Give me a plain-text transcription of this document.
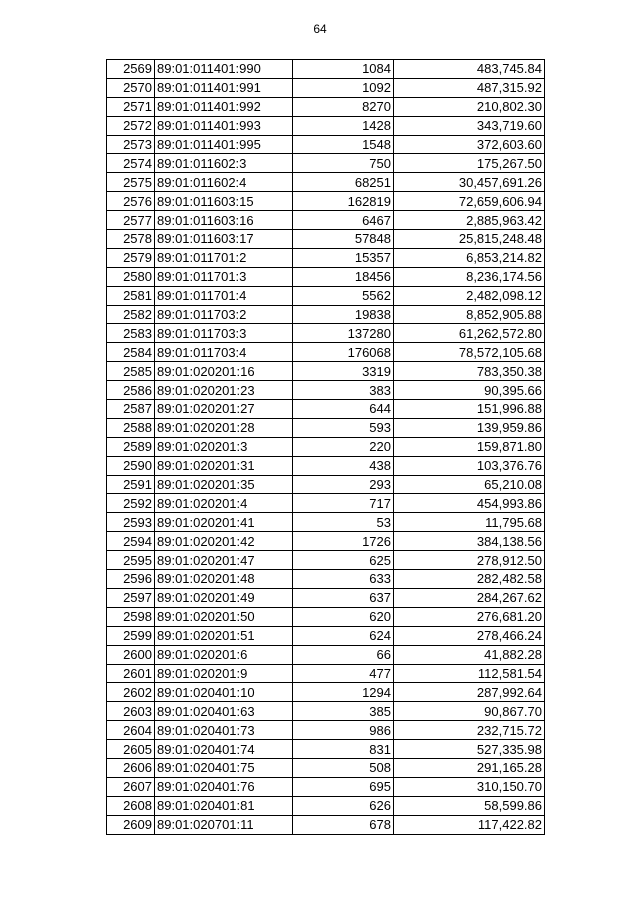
64
2569	89:01:011401:990	1084	483,745.84
2570	89:01:011401:991	1092	487,315.92
2571	89:01:011401:992	8270	210,802.30
2572	89:01:011401:993	1428	343,719.60
2573	89:01:011401:995	1548	372,603.60
2574	89:01:011602:3	750	175,267.50
2575	89:01:011602:4	68251	30,457,691.26
2576	89:01:011603:15	162819	72,659,606.94
2577	89:01:011603:16	6467	2,885,963.42
2578	89:01:011603:17	57848	25,815,248.48
2579	89:01:011701:2	15357	6,853,214.82
2580	89:01:011701:3	18456	8,236,174.56
2581	89:01:011701:4	5562	2,482,098.12
2582	89:01:011703:2	19838	8,852,905.88
2583	89:01:011703:3	137280	61,262,572.80
2584	89:01:011703:4	176068	78,572,105.68
2585	89:01:020201:16	3319	783,350.38
2586	89:01:020201:23	383	90,395.66
2587	89:01:020201:27	644	151,996.88
2588	89:01:020201:28	593	139,959.86
2589	89:01:020201:3	220	159,871.80
2590	89:01:020201:31	438	103,376.76
2591	89:01:020201:35	293	65,210.08
2592	89:01:020201:4	717	454,993.86
2593	89:01:020201:41	53	11,795.68
2594	89:01:020201:42	1726	384,138.56
2595	89:01:020201:47	625	278,912.50
2596	89:01:020201:48	633	282,482.58
2597	89:01:020201:49	637	284,267.62
2598	89:01:020201:50	620	276,681.20
2599	89:01:020201:51	624	278,466.24
2600	89:01:020201:6	66	41,882.28
2601	89:01:020201:9	477	112,581.54
2602	89:01:020401:10	1294	287,992.64
2603	89:01:020401:63	385	90,867.70
2604	89:01:020401:73	986	232,715.72
2605	89:01:020401:74	831	527,335.98
2606	89:01:020401:75	508	291,165.28
2607	89:01:020401:76	695	310,150.70
2608	89:01:020401:81	626	58,599.86
2609	89:01:020701:11	678	117,422.82
